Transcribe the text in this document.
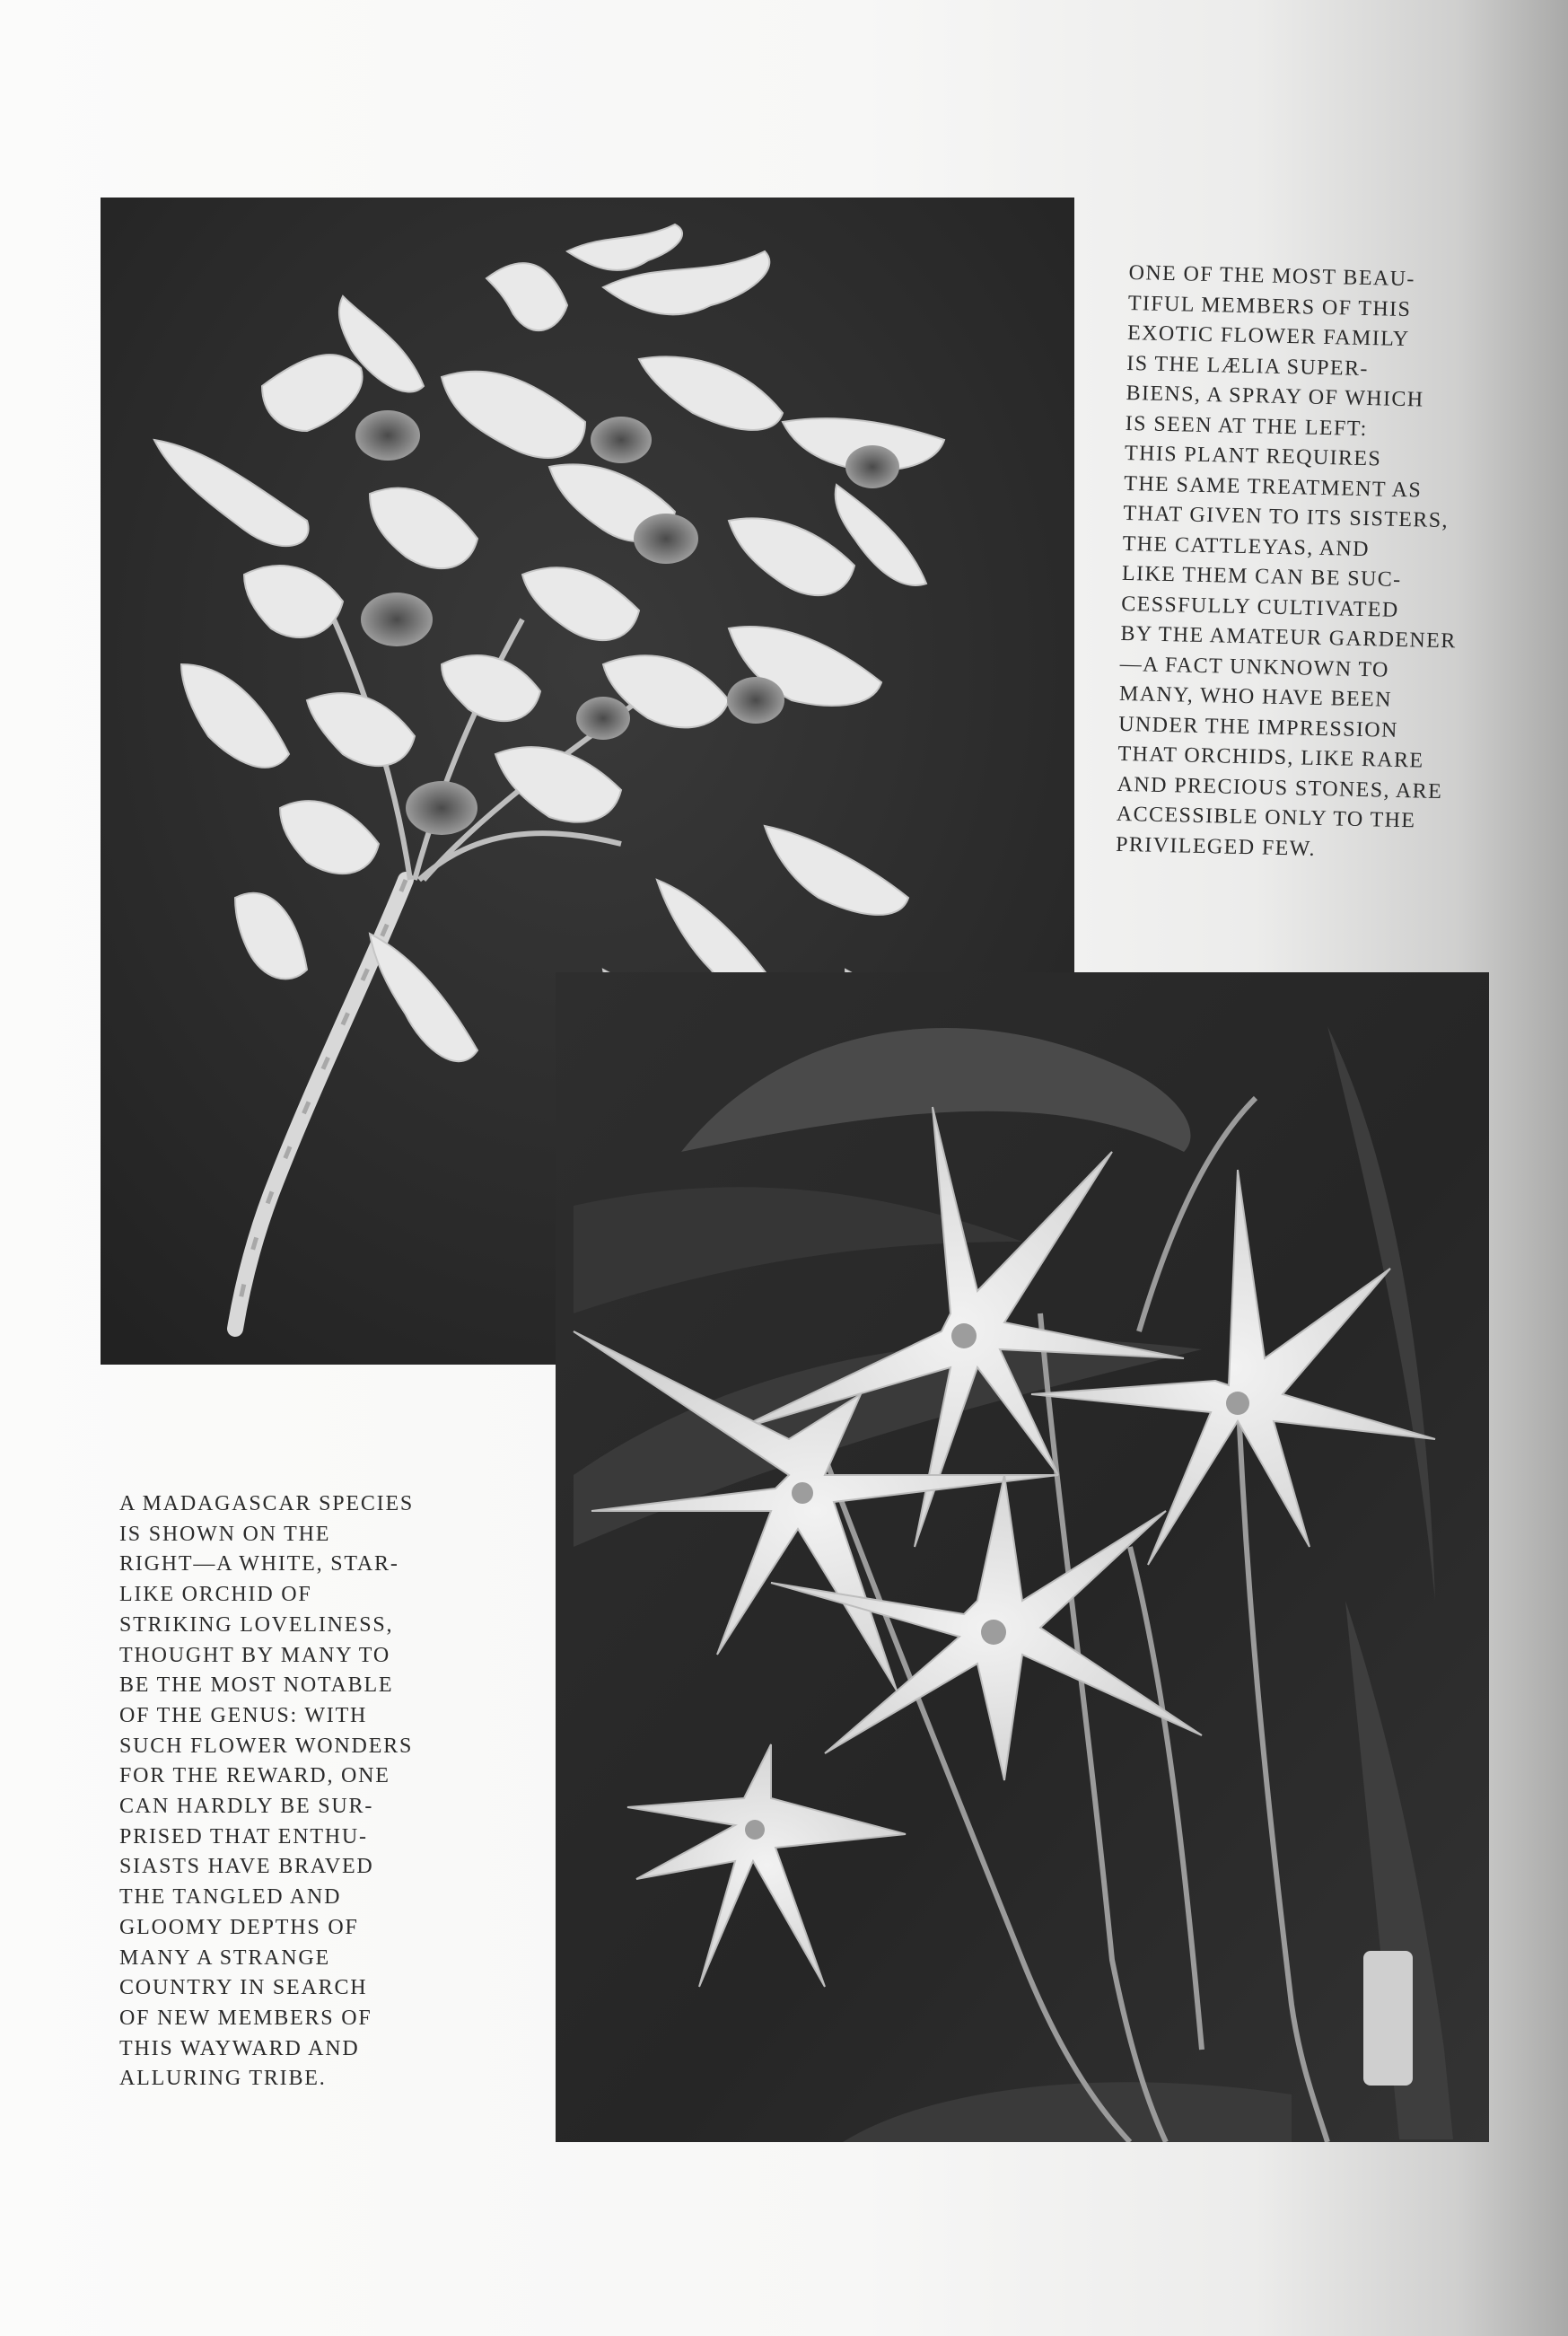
ONE OF THE MOST BEAU-
TIFUL MEMBERS OF THIS
EXOTIC FLOWER FAMILY
IS THE LÆLIA SUPER-
BIENS, A SPRAY OF WHICH
IS SEEN AT THE LEFT:
THIS PLANT REQUIRES
THE SAME TREATMENT AS
THAT GIVEN TO ITS SISTERS,
THE CATTLEYAS, AND
LIKE THEM CAN BE SUC-
CESSFULLY CULTIVATED
BY THE AMATEUR GARDENER
—A FACT UNKNOWN TO
MANY, WHO HAVE BEEN
UNDER THE IMPRESSION
THAT ORCHIDS, LIKE RARE
AND PRECIOUS STONES, ARE
ACCESSIBLE ONLY TO THE
PRIVILEGED FEW.
A MADAGASCAR SPECIES
IS SHOWN ON THE
RIGHT—A WHITE, STAR-
LIKE ORCHID OF
STRIKING LOVELINESS,
THOUGHT BY MANY TO
BE THE MOST NOTABLE
OF THE GENUS: WITH
SUCH FLOWER WONDERS
FOR THE REWARD, ONE
CAN HARDLY BE SUR-
PRISED THAT ENTHU-
SIASTS HAVE BRAVED
THE TANGLED AND
GLOOMY DEPTHS OF
MANY A STRANGE
COUNTRY IN SEARCH
OF NEW MEMBERS OF
THIS WAYWARD AND
ALLURING TRIBE.
